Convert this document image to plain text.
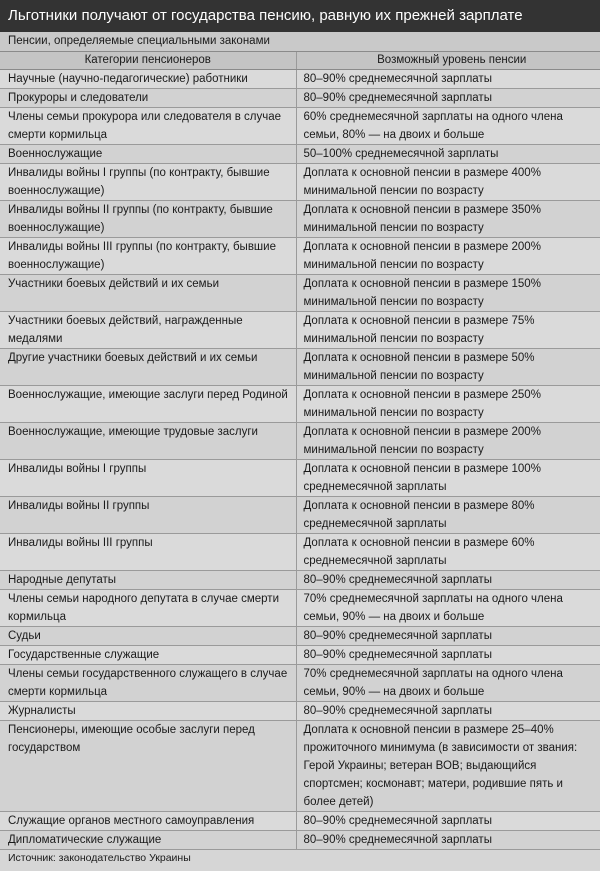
Льготники получают от государства пенсию, равную их прежней зарплате
Пенсии, определяемые специальными законами
Категории пенсионеров	Возможный уровень пенсии
Научные (научно-педагогические) работники	80–90% среднемесячной зарплаты
Прокуроры и следователи	80–90% среднемесячной зарплаты
Члены семьи прокурора или следователя в случае смерти кормильца	60% среднемесячной зарплаты на одного члена семьи, 80% — на двоих и больше
Военнослужащие	50–100% среднемесячной зарплаты
Инвалиды войны I группы (по контракту, бывшие военнослужащие)	Доплата к основной пенсии в размере 400% минимальной пенсии по возрасту
Инвалиды войны II группы (по контракту, бывшие военнослужащие)	Доплата к основной пенсии в размере 350% минимальной пенсии по возрасту
Инвалиды войны III группы (по контракту, бывшие военнослужащие)	Доплата к основной пенсии в размере 200% минимальной пенсии по возрасту
Участники боевых действий и их семьи	Доплата к основной пенсии в размере 150% минимальной пенсии по возрасту
Участники боевых действий, награжденные медалями	Доплата к основной пенсии в размере 75% минимальной пенсии по возрасту
Другие участники боевых действий и их семьи	Доплата к основной пенсии в размере 50% минимальной пенсии по возрасту
Военнослужащие, имеющие заслуги перед Родиной	Доплата к основной пенсии в размере 250% минимальной пенсии по возрасту
Военнослужащие, имеющие трудовые заслуги	Доплата к основной пенсии в размере 200% минимальной пенсии по возрасту
Инвалиды войны I группы	Доплата к основной пенсии в размере 100% среднемесячной зарплаты
Инвалиды войны II группы	Доплата к основной пенсии в размере 80% среднемесячной зарплаты
Инвалиды войны III группы	Доплата к основной пенсии в размере 60% среднемесячной зарплаты
Народные депутаты	80–90% среднемесячной зарплаты
Члены семьи народного депутата в случае смерти кормильца	70% среднемесячной зарплаты на одного члена семьи, 90% — на двоих и больше
Судьи	80–90% среднемесячной зарплаты
Государственные служащие	80–90% среднемесячной зарплаты
Члены семьи государственного служащего в случае смерти кормильца	70% среднемесячной зарплаты на одного члена семьи, 90% — на двоих и больше
Журналисты	80–90% среднемесячной зарплаты
Пенсионеры, имеющие особые заслуги перед государством	Доплата к основной пенсии в размере 25–40% прожиточного минимума (в зависимости от звания: Герой Украины; ветеран ВОВ; выдающийся спортсмен; космонавт; матери, родившие пять и более детей)
Служащие органов местного самоуправления	80–90% среднемесячной зарплаты
Дипломатические служащие	80–90% среднемесячной зарплаты
Источник: законодательство Украины
